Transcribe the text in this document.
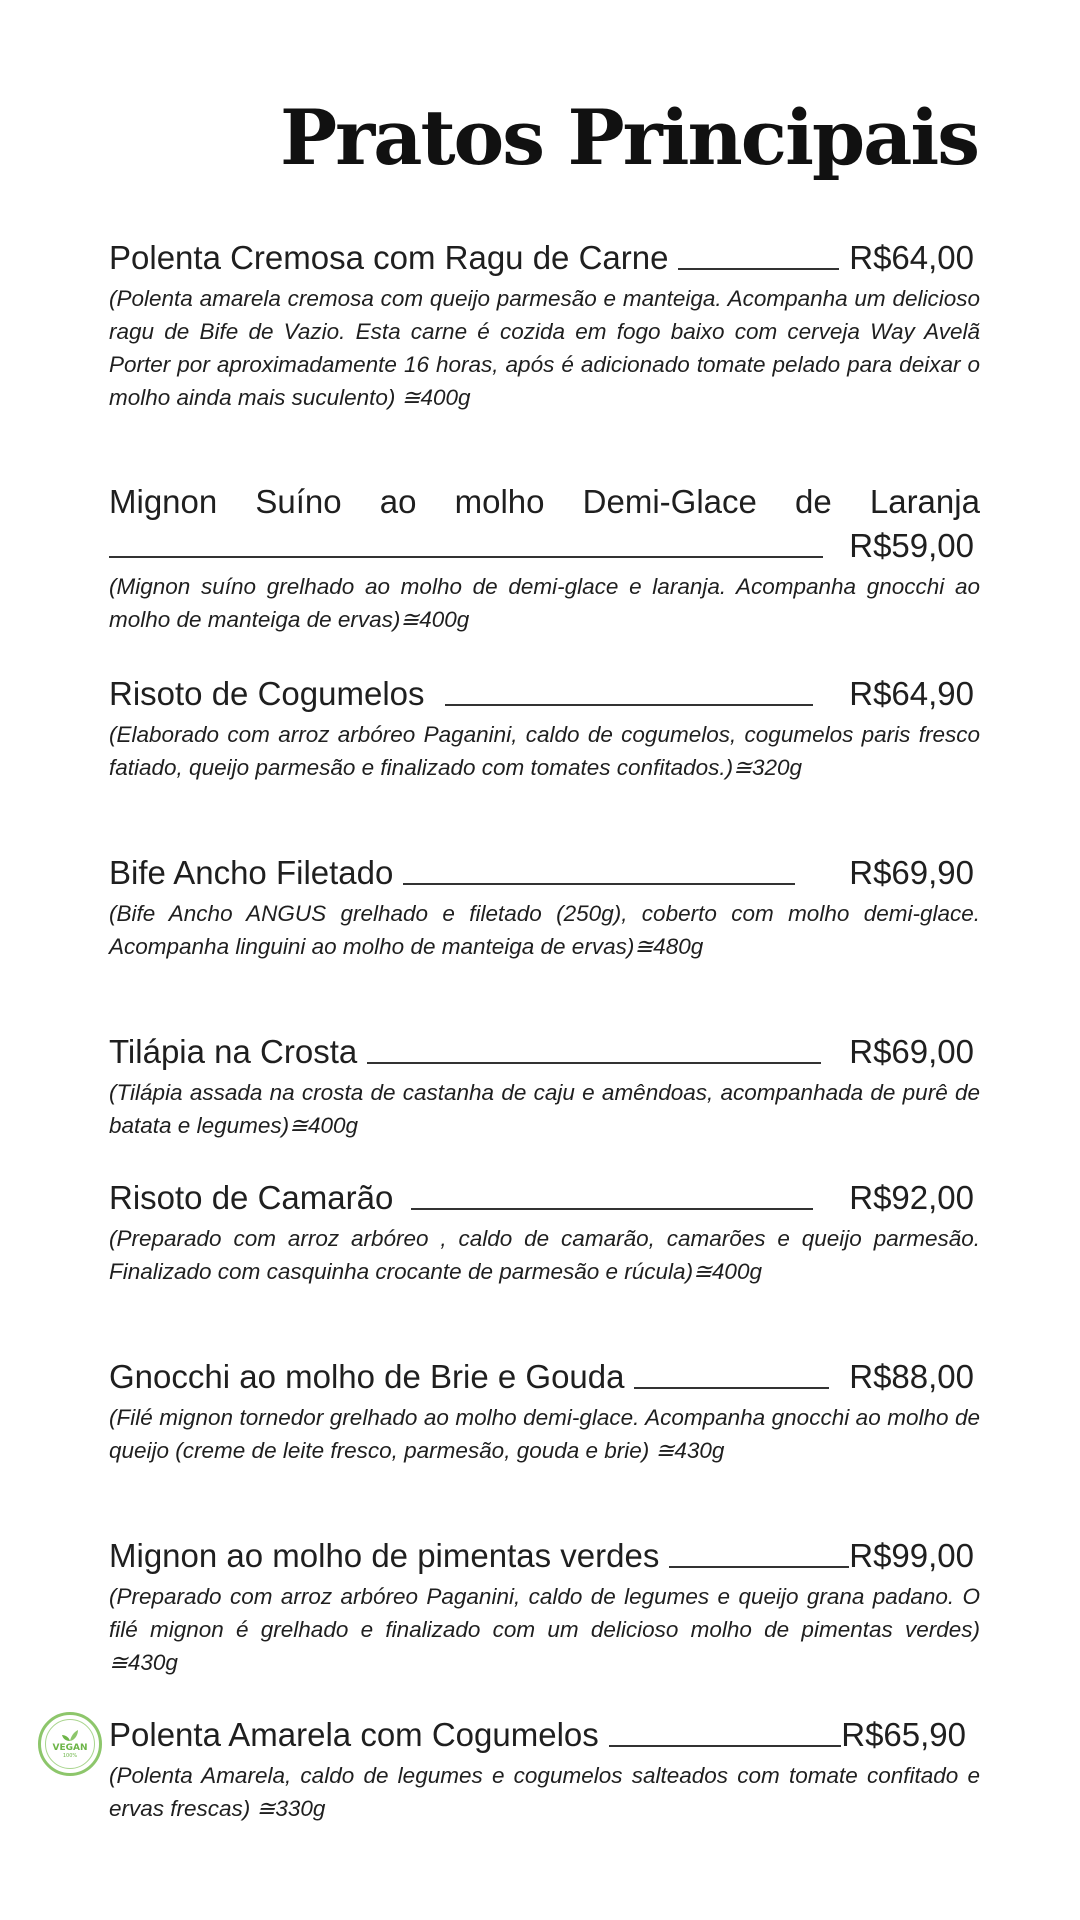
Pratos Principais
Polenta Cremosa com Ragu de Carne	R$64,00
(Polenta amarela cremosa com queijo parmesão e manteiga. Acompanha um delicioso ragu de Bife de Vazio. Esta carne é cozida em fogo baixo com cerveja Way Avelã Porter por aproximadamente 16 horas, após é adicionado tomate pelado para deixar o molho ainda mais suculento) ≅400g
Mignon Suíno ao molho Demi-Glace de Laranja
R$59,00
(Mignon suíno grelhado ao molho de demi-glace e laranja. Acompanha gnocchi ao molho de manteiga de ervas)≅400g
Risoto de Cogumelos	R$64,90
(Elaborado com arroz arbóreo Paganini, caldo de cogumelos, cogumelos paris fresco fatiado, queijo parmesão e finalizado com tomates confitados.)≅320g
Bife Ancho Filetado	R$69,90
(Bife Ancho ANGUS grelhado e filetado (250g), coberto com molho demi-glace. Acompanha linguini ao molho de manteiga de ervas)≅480g
Tilápia na Crosta	R$69,00
(Tilápia assada na crosta de castanha de caju e amêndoas, acompanhada de purê de batata e legumes)≅400g
Risoto de Camarão	R$92,00
(Preparado com arroz arbóreo , caldo de camarão, camarões e queijo parmesão. Finalizado com casquinha crocante de parmesão e rúcula)≅400g
Gnocchi ao molho de Brie e Gouda	R$88,00
(Filé mignon tornedor grelhado ao molho demi-glace. Acompanha gnocchi ao molho de queijo (creme de leite fresco, parmesão, gouda e brie) ≅430g
Mignon ao molho de pimentas verdes	R$99,00
(Preparado com arroz arbóreo Paganini, caldo de legumes e queijo grana padano. O filé mignon é grelhado e finalizado com um delicioso molho de pimentas verdes) ≅430g
Polenta Amarela com Cogumelos	R$65,90
(Polenta Amarela, caldo de legumes e cogumelos salteados com tomate confitado e ervas frescas) ≅330g
VEGAN
100%
